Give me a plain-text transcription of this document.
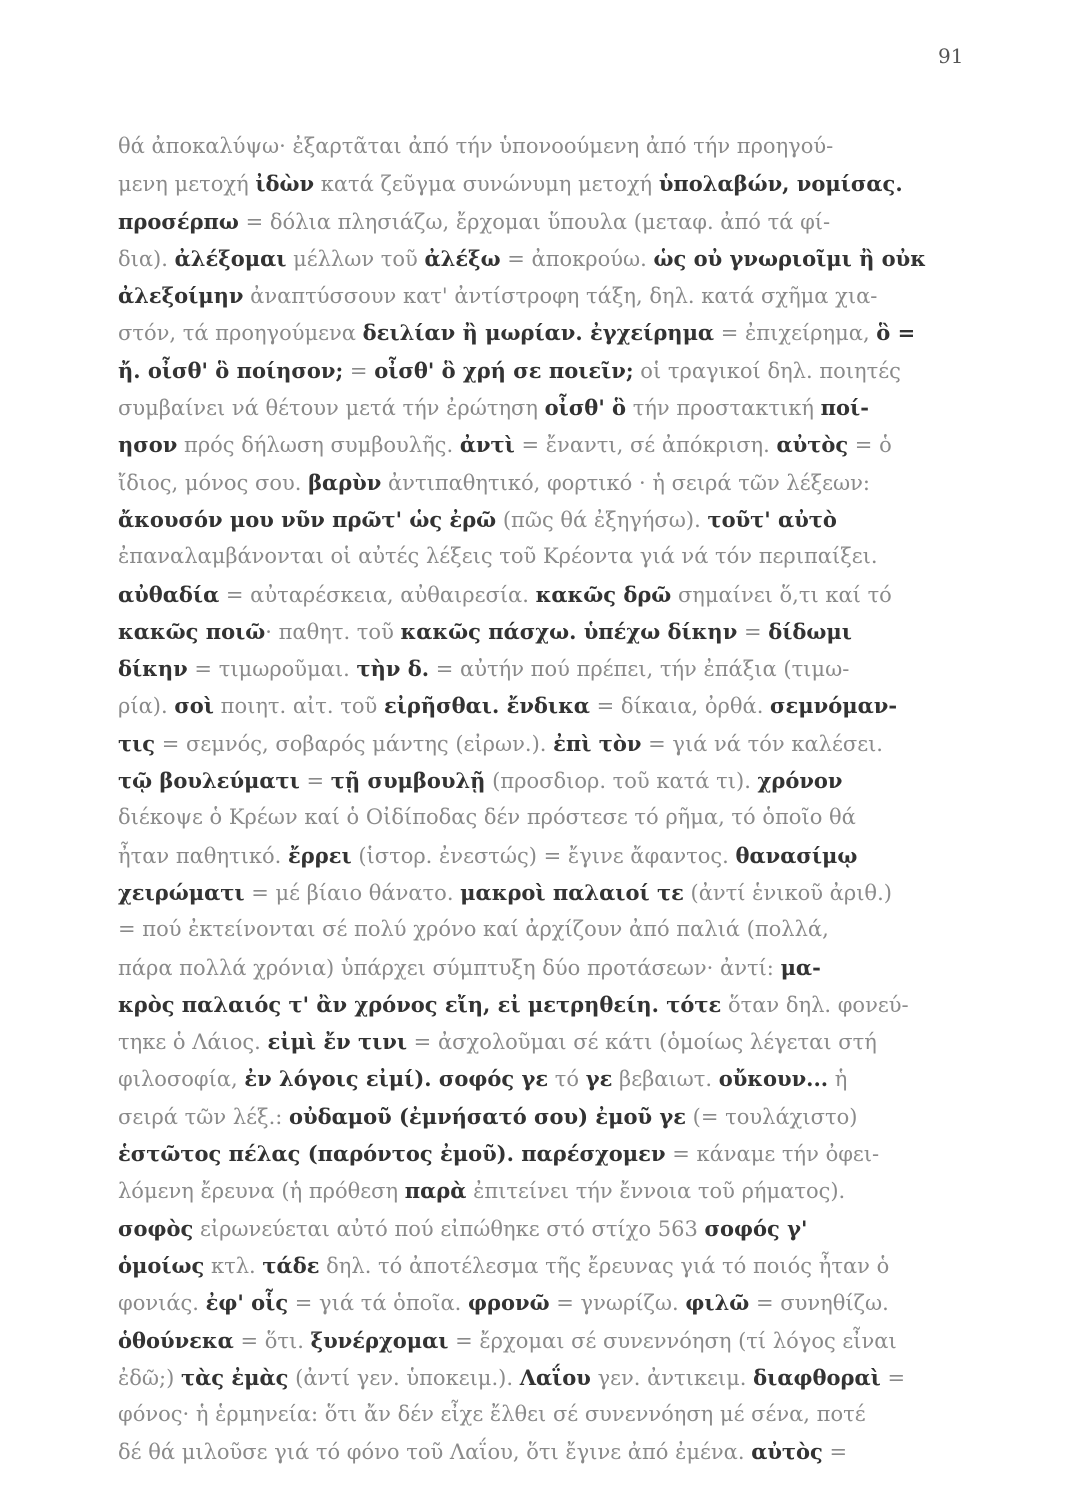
91
θά ἀποκαλύψω· ἐξαρτᾶται ἀπό τήν ὑπονοούμενη ἀπό τήν προηγού-
μενη μετοχή ἰδὼν κατά ζεῦγμα συνώνυμη μετοχή ὑπολαβών, νομίσας.
προσέρπω = δόλια πλησιάζω, ἔρχομαι ὕπουλα (μεταφ. ἀπό τά φί-
δια). ἀλέξομαι μέλλων τοῦ ἀλέξω = ἀποκρούω. ὡς οὐ γνωριοῖμι ἢ οὐκ
ἀλεξοίμην ἀναπτύσσουν κατ' ἀντίστροφη τάξη, δηλ. κατά σχῆμα χια-
στόν, τά προηγούμενα δειλίαν ἢ μωρίαν. ἐγχείρημα = ἐπιχείρημα, ὃ =
ἤ. οἶσθ' ὃ ποίησον; = οἶσθ' ὃ χρή σε ποιεῖν; οἱ τραγικοί δηλ. ποιητές
συμβαίνει νά θέτουν μετά τήν ἐρώτηση οἶσθ' ὃ τήν προστακτική ποί-
ησον πρός δήλωση συμβουλῆς. ἀντὶ = ἔναντι, σέ ἀπόκριση. αὐτὸς = ὁ
ἴδιος, μόνος σου. βαρὺν ἀντιπαθητικό, φορτικό · ἡ σειρά τῶν λέξεων:
ἄκουσόν μου νῦν πρῶτ' ὡς ἐρῶ (πῶς θά ἐξηγήσω). τοῦτ' αὐτὸ
ἐπαναλαμβάνονται οἱ αὐτές λέξεις τοῦ Κρέοντα γιά νά τόν περιπαίξει.
αὐθαδία = αὐταρέσκεια, αὐθαιρεσία. κακῶς δρῶ σημαίνει ὅ,τι καί τό
κακῶς ποιῶ· παθητ. τοῦ κακῶς πάσχω. ὑπέχω δίκην = δίδωμι
δίκην = τιμωροῦμαι. τὴν δ. = αὐτήν πού πρέπει, τήν ἐπάξια (τιμω-
ρία). σοὶ ποιητ. αἰτ. τοῦ εἰρῆσθαι. ἔνδικα = δίκαια, ὀρθά. σεμνόμαν-
τις = σεμνός, σοβαρός μάντης (εἰρων.). ἐπὶ τὸν = γιά νά τόν καλέσει.
τῷ βουλεύματι = τῇ συμβουλῇ (προσδιορ. τοῦ κατά τι). χρόνον
διέκοψε ὁ Κρέων καί ὁ Οἰδίποδας δέν πρόστεσε τό ρῆμα, τό ὁποῖο θά
ἦταν παθητικό. ἔρρει (ἱστορ. ἐνεστώς) = ἔγινε ἄφαντος. θανασίμῳ
χειρώματι = μέ βίαιο θάνατο. μακροὶ παλαιοί τε (ἀντί ἑνικοῦ ἀριθ.)
= πού ἐκτείνονται σέ πολύ χρόνο καί ἀρχίζουν ἀπό παλιά (πολλά,
πάρα πολλά χρόνια) ὑπάρχει σύμπτυξη δύο προτάσεων· ἀντί: μα-
κρὸς παλαιός τ' ἂν χρόνος εἴη, εἰ μετρηθείη. τότε ὅταν δηλ. φονεύ-
τηκε ὁ Λάιος. εἰμὶ ἔν τινι = ἀσχολοῦμαι σέ κάτι (ὁμοίως λέγεται στή
φιλοσοφία, ἐν λόγοις εἰμί). σοφός γε τό γε βεβαιωτ. οὔκουν... ἡ
σειρά τῶν λέξ.: οὐδαμοῦ (ἐμνήσατό σου) ἐμοῦ γε (= τουλάχιστο)
ἑστῶτος πέλας (παρόντος ἐμοῦ). παρέσχομεν = κάναμε τήν ὀφει-
λόμενη ἔρευνα (ἡ πρόθεση παρὰ ἐπιτείνει τήν ἔννοια τοῦ ρήματος).
σοφὸς εἰρωνεύεται αὐτό πού εἰπώθηκε στό στίχο 563 σοφός γ'
ὁμοίως κτλ. τάδε δηλ. τό ἀποτέλεσμα τῆς ἔρευνας γιά τό ποιός ἦταν ὁ
φονιάς. ἐφ' οἷς = γιά τά ὁποῖα. φρονῶ = γνωρίζω. φιλῶ = συνηθίζω.
ὁθούνεκα = ὅτι. ξυνέρχομαι = ἔρχομαι σέ συνεννόηση (τί λόγος εἶναι
ἐδῶ;) τὰς ἐμὰς (ἀντί γεν. ὑποκειμ.). Λαΐου γεν. ἀντικειμ. διαφθοραὶ =
φόνος· ἡ ἑρμηνεία: ὅτι ἄν δέν εἶχε ἔλθει σέ συνεννόηση μέ σένα, ποτέ
δέ θά μιλοῦσε γιά τό φόνο τοῦ Λαΐου, ὅτι ἔγινε ἀπό ἐμένα. αὐτὸς =
